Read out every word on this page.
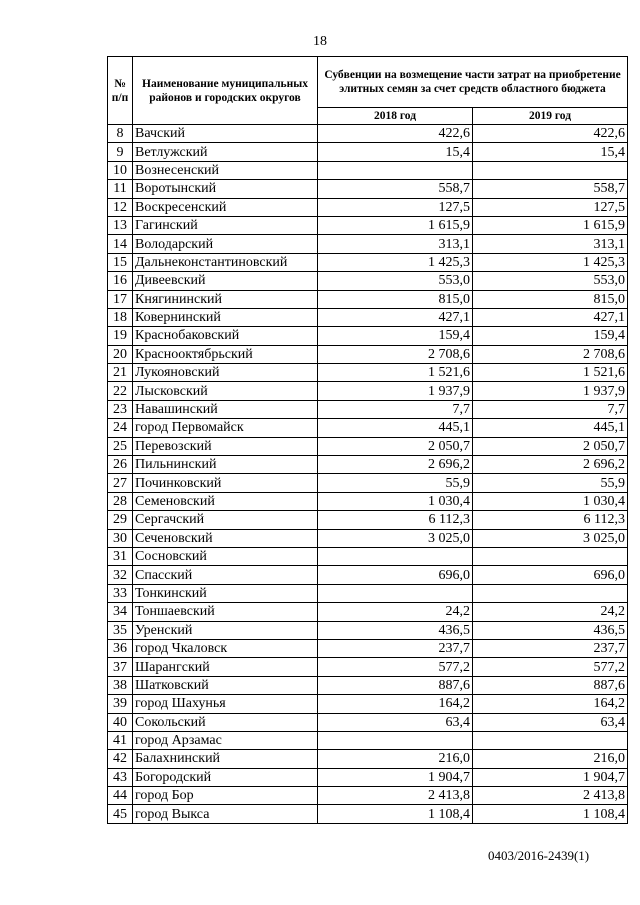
18
№ п/п	Наименование муниципальных районов и городских округов	Субвенции на возмещение части затрат на приобретение элитных семян за счет средств областного бюджета	
		2018 год	2019 год
8	Вачский	422,6	422,6
9	Ветлужский	15,4	15,4
10	Вознесенский		
11	Воротынский	558,7	558,7
12	Воскресенский	127,5	127,5
13	Гагинский	1 615,9	1 615,9
14	Володарский	313,1	313,1
15	Дальнеконстантиновский	1 425,3	1 425,3
16	Дивеевский	553,0	553,0
17	Княгининский	815,0	815,0
18	Ковернинский	427,1	427,1
19	Краснобаковский	159,4	159,4
20	Краснооктябрьский	2 708,6	2 708,6
21	Лукояновский	1 521,6	1 521,6
22	Лысковский	1 937,9	1 937,9
23	Навашинский	7,7	7,7
24	город Первомайск	445,1	445,1
25	Перевозский	2 050,7	2 050,7
26	Пильнинский	2 696,2	2 696,2
27	Починковский	55,9	55,9
28	Семеновский	1 030,4	1 030,4
29	Сергачский	6 112,3	6 112,3
30	Сеченовский	3 025,0	3 025,0
31	Сосновский		
32	Спасский	696,0	696,0
33	Тонкинский		
34	Тоншаевский	24,2	24,2
35	Уренский	436,5	436,5
36	город Чкаловск	237,7	237,7
37	Шарангский	577,2	577,2
38	Шатковский	887,6	887,6
39	город Шахунья	164,2	164,2
40	Сокольский	63,4	63,4
41	город Арзамас		
42	Балахнинский	216,0	216,0
43	Богородский	1 904,7	1 904,7
44	город Бор	2 413,8	2 413,8
45	город Выкса	1 108,4	1 108,4
0403/2016-2439(1)
